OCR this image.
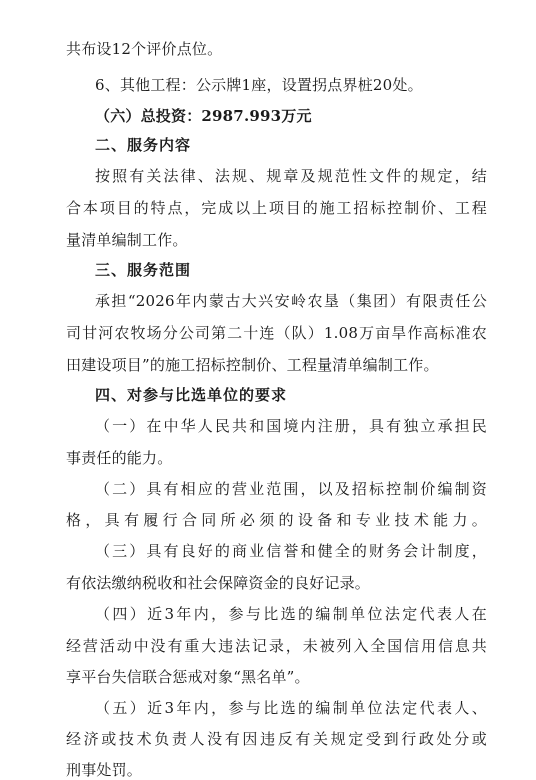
共布设12个评价点位。

6、其他工程：公示牌1座，设置拐点界桩20处。

（六）总投资：2987.993万元

二、服务内容

按照有关法律、法规、规章及规范性文件的规定，结

合本项目的特点，完成以上项目的施工招标控制价、工程

量清单编制工作。

三、服务范围

承担“2026年内蒙古大兴安岭农垦（集团）有限责任公

司甘河农牧场分公司第二十连（队）1.08万亩旱作高标准农

田建设项目”的施工招标控制价、工程量清单编制工作。

四、对参与比选单位的要求

（一）在中华人民共和国境内注册，具有独立承担民

事责任的能力。

（二）具有相应的营业范围，以及招标控制价编制资

格，具有履行合同所必须的设备和专业技术能力。

（三）具有良好的商业信誉和健全的财务会计制度，

有依法缴纳税收和社会保障资金的良好记录。

（四）近3年内，参与比选的编制单位法定代表人在

经营活动中没有重大违法记录，未被列入全国信用信息共

享平台失信联合惩戒对象“黑名单”。

（五）近3年内，参与比选的编制单位法定代表人、

经济或技术负责人没有因违反有关规定受到行政处分或

刑事处罚。
